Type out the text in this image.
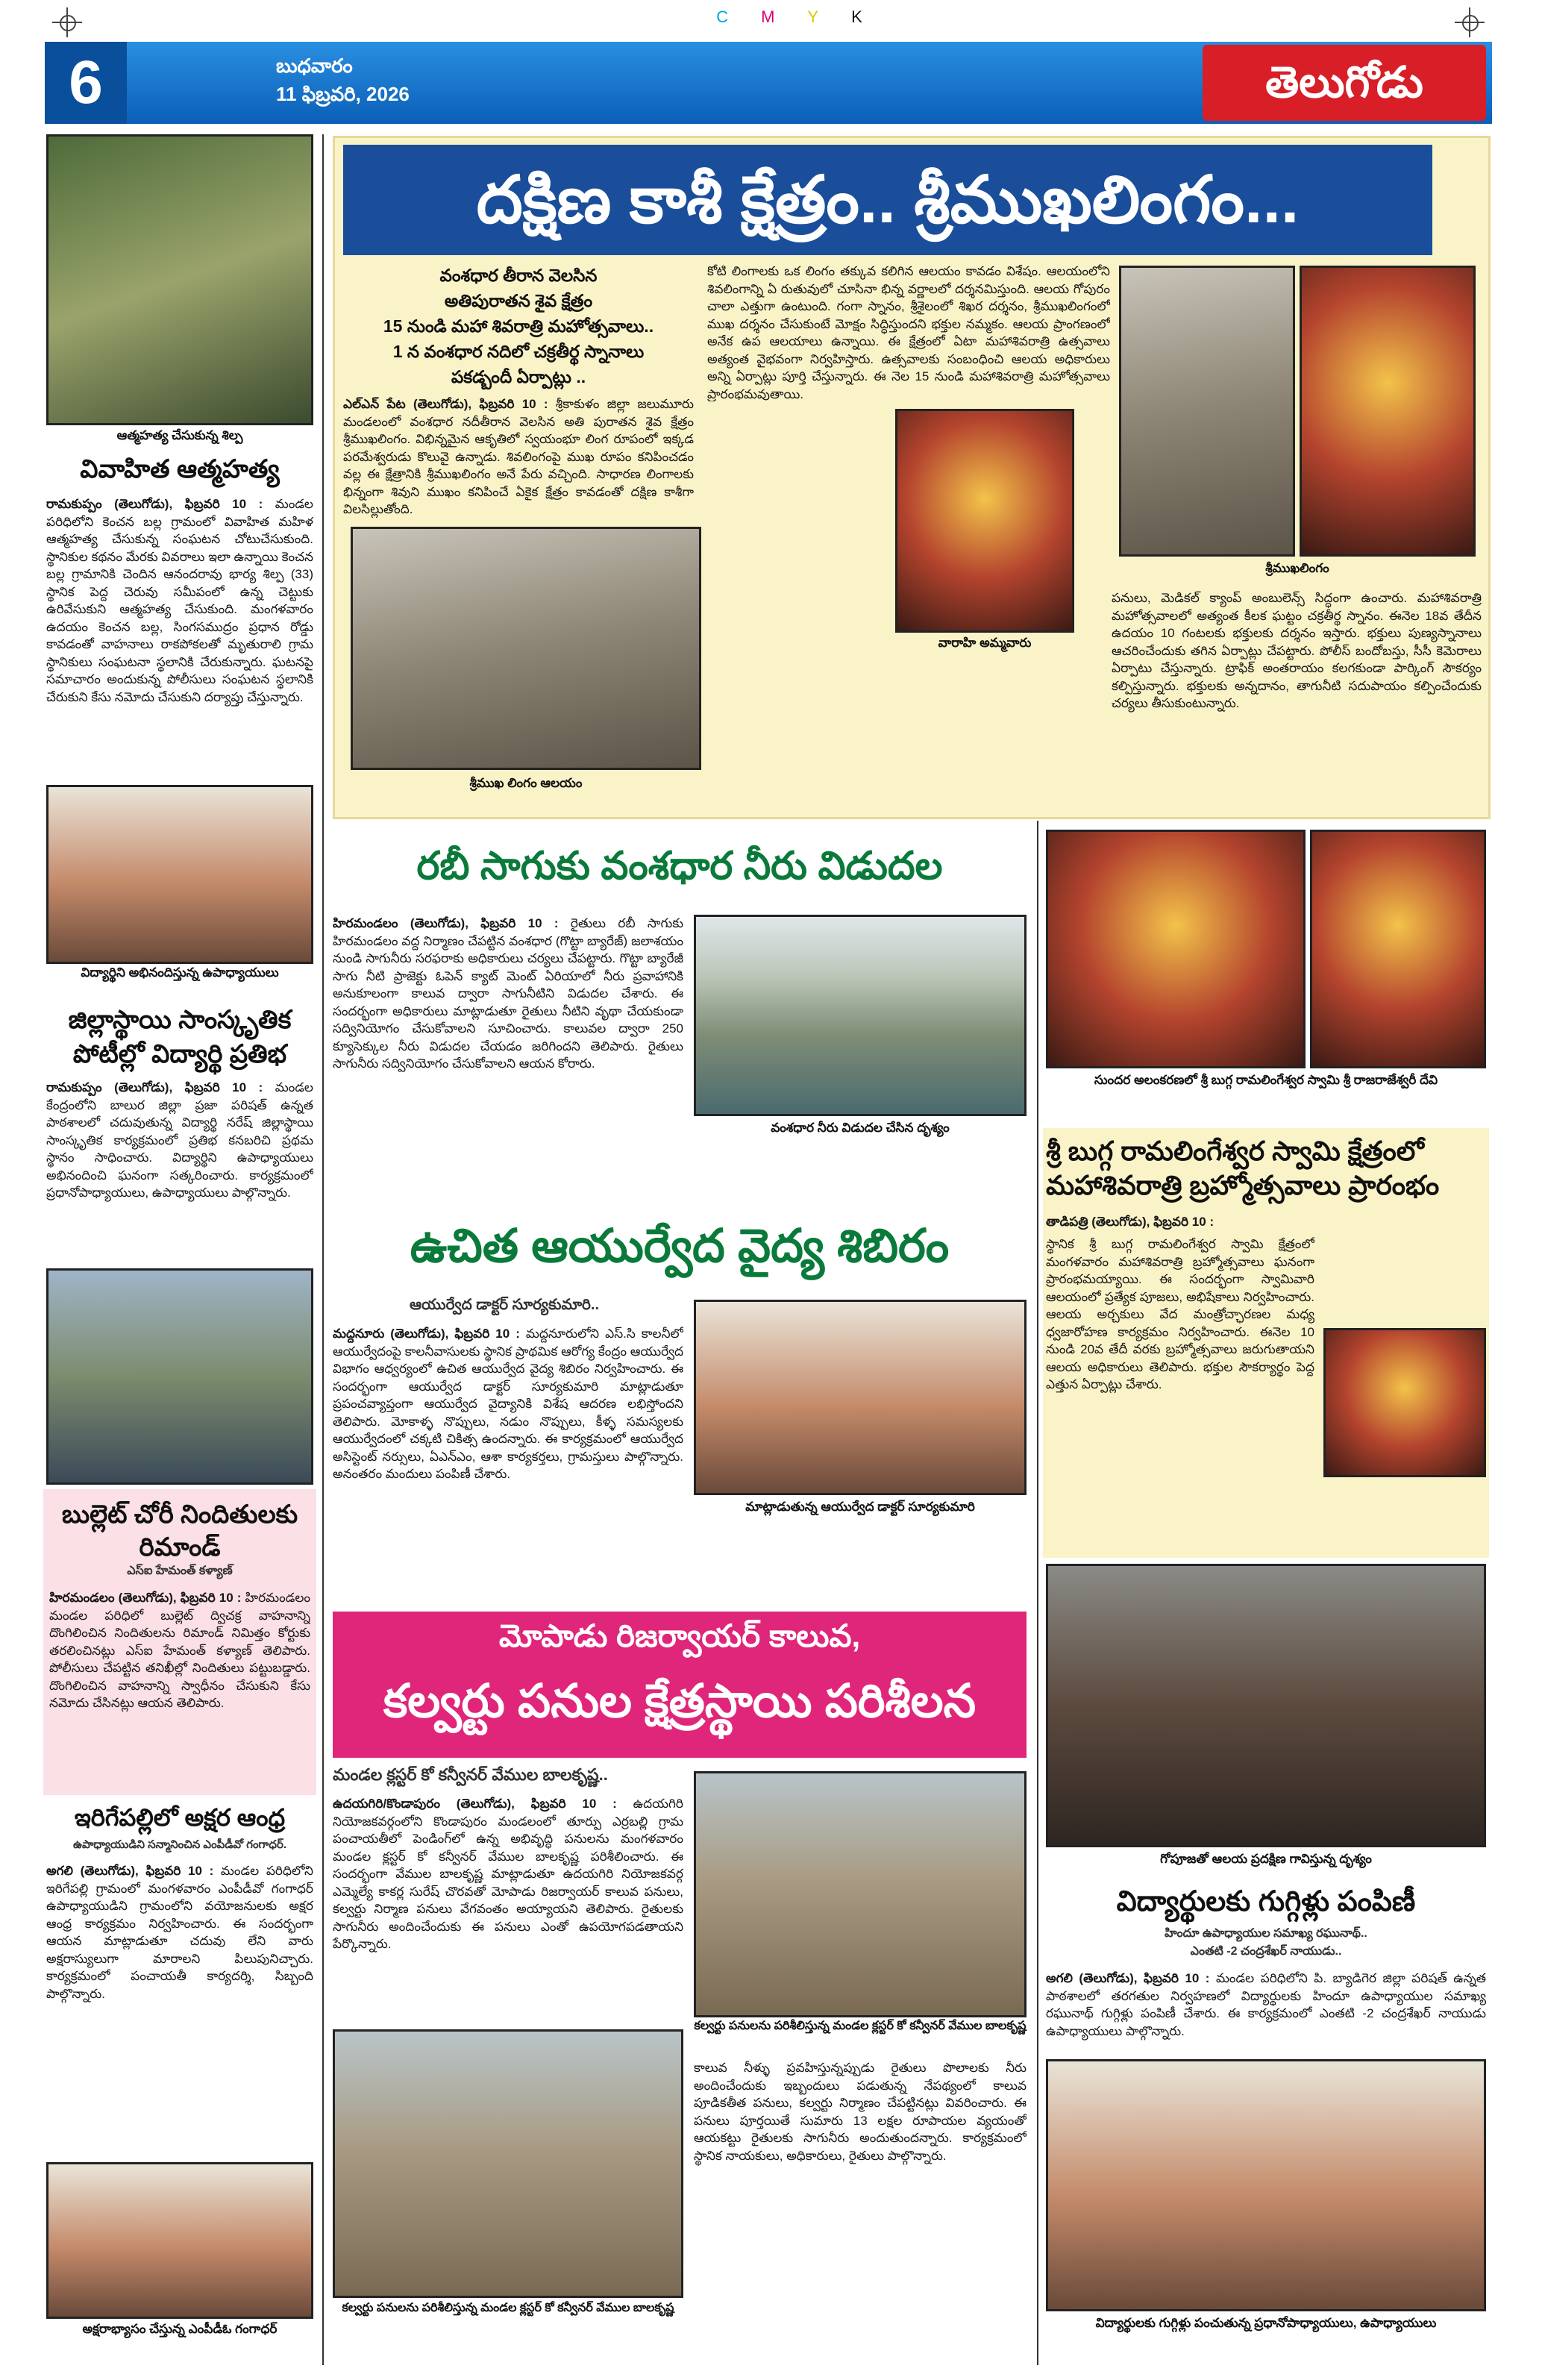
CMYK
6	బుధవారం
11 ఫిబ్రవరి, 2026	తెలుగోడు
ఆత్మహత్య చేసుకున్న శిల్ప
వివాహిత ఆత్మహత్య
రామకుప్పం (తెలుగోడు), ఫిబ్రవరి 10 : మండల పరిధిలోని కెంచన బల్ల గ్రామంలో వివాహిత మహిళ ఆత్మహత్య చేసుకున్న సంఘటన చోటుచేసుకుంది. స్థానికుల కథనం మేరకు వివరాలు ఇలా ఉన్నాయి కెంచన బల్ల గ్రామానికి చెందిన ఆనందరావు భార్య శిల్ప (33) స్థానిక పెద్ద చెరువు సమీపంలో ఉన్న చెట్టుకు ఉరివేసుకుని ఆత్మహత్య చేసుకుంది. మంగళవారం ఉదయం కెంచన బల్ల, సింగసముద్రం ప్రధాన రోడ్డు కావడంతో వాహనాలు రాకపోకలతో మృతురాలి గ్రామ స్థానికులు సంఘటనా స్థలానికి చేరుకున్నారు. ఘటనపై సమాచారం అందుకున్న పోలీసులు సంఘటన స్థలానికి చేరుకుని కేసు నమోదు చేసుకుని దర్యాప్తు చేస్తున్నారు.
విద్యార్థిని అభినందిస్తున్న ఉపాధ్యాయులు
జిల్లాస్థాయి సాంస్కృతిక పోటీల్లో విద్యార్థి ప్రతిభ
రామకుప్పం (తెలుగోడు), ఫిబ్రవరి 10 : మండల కేంద్రంలోని బాలుర జిల్లా ప్రజా పరిషత్ ఉన్నత పాఠశాలలో చదువుతున్న విద్యార్థి నరేష్ జిల్లాస్థాయి సాంస్కృతిక కార్యక్రమంలో ప్రతిభ కనబరిచి ప్రథమ స్థానం సాధించారు. విద్యార్థిని ఉపాధ్యాయులు అభినందించి ఘనంగా సత్కరించారు. కార్యక్రమంలో ప్రధానోపాధ్యాయులు, ఉపాధ్యాయులు పాల్గొన్నారు.
బుల్లెట్ చోరీ నిందితులకు రిమాండ్
ఎస్ఐ హేమంత్ కళ్యాణ్
హిరమండలం (తెలుగోడు), ఫిబ్రవరి 10 : హిరమండలం మండల పరిధిలో బుల్లెట్ ద్విచక్ర వాహనాన్ని దొంగిలించిన నిందితులను రిమాండ్ నిమిత్తం కోర్టుకు తరలించినట్లు ఎస్ఐ హేమంత్ కళ్యాణ్ తెలిపారు. పోలీసులు చేపట్టిన తనిఖీల్లో నిందితులు పట్టుబడ్డారు. దొంగిలించిన వాహనాన్ని స్వాధీనం చేసుకుని కేసు నమోదు చేసినట్లు ఆయన తెలిపారు.
ఇరిగేపల్లిలో అక్షర ఆంధ్ర
ఉపాధ్యాయుడిని సన్మానించిన ఎంపీడీవో గంగాధర్.
అగలి (తెలుగోడు), ఫిబ్రవరి 10 : మండల పరిధిలోని ఇరిగేపల్లి గ్రామంలో మంగళవారం ఎంపీడీవో గంగాధర్ ఉపాధ్యాయుడిని గ్రామంలోని వయోజనులకు అక్షర ఆంధ్ర కార్యక్రమం నిర్వహించారు. ఈ సందర్భంగా ఆయన మాట్లాడుతూ చదువు లేని వారు అక్షరాస్యులుగా మారాలని పిలుపునిచ్చారు. కార్యక్రమంలో పంచాయతీ కార్యదర్శి, సిబ్బంది పాల్గొన్నారు.
అక్షరాభ్యాసం చేస్తున్న ఎంపీడీఓ గంగాధర్
దక్షిణ కాశీ క్షేత్రం.. శ్రీముఖలింగం...
వంశధార తీరాన వెలసిన
అతిపురాతన శైవ క్షేత్రం
15 నుండి మహా శివరాత్రి మహోత్సవాలు..
1 న వంశధార నదిలో చక్రతీర్థ స్నానాలు
పకడ్బందీ ఏర్పాట్లు ..
ఎల్ఎన్ పేట (తెలుగోడు), ఫిబ్రవరి 10 : శ్రీకాకుళం జిల్లా జలుమూరు మండలంలో వంశధార నదీతీరాన వెలసిన అతి పురాతన శైవ క్షేత్రం శ్రీముఖలింగం. విభిన్నమైన ఆకృతిలో స్వయంభూ లింగ రూపంలో ఇక్కడ పరమేశ్వరుడు కొలువై ఉన్నాడు. శివలింగంపై ముఖ రూపం కనిపించడం వల్ల ఈ క్షేత్రానికి శ్రీముఖలింగం అనే పేరు వచ్చింది. సాధారణ లింగాలకు భిన్నంగా శివుని ముఖం కనిపించే ఏకైక క్షేత్రం కావడంతో దక్షిణ కాశీగా విలసిల్లుతోంది.
శ్రీముఖ లింగం ఆలయం
కోటి లింగాలకు ఒక లింగం తక్కువ కలిగిన ఆలయం కావడం విశేషం. ఆలయంలోని శివలింగాన్ని ఏ రుతువులో చూసినా భిన్న వర్ణాలలో దర్శనమిస్తుంది. ఆలయ గోపురం చాలా ఎత్తుగా ఉంటుంది. గంగా స్నానం, శ్రీశైలంలో శిఖర దర్శనం, శ్రీముఖలింగంలో ముఖ దర్శనం చేసుకుంటే మోక్షం సిద్ధిస్తుందని భక్తుల నమ్మకం. ఆలయ ప్రాంగణంలో అనేక ఉప ఆలయాలు ఉన్నాయి. ఈ క్షేత్రంలో ఏటా మహాశివరాత్రి ఉత్సవాలు అత్యంత వైభవంగా నిర్వహిస్తారు. ఉత్సవాలకు సంబంధించి ఆలయ అధికారులు అన్ని ఏర్పాట్లు పూర్తి చేస్తున్నారు. ఈ నెల 15 నుండి మహాశివరాత్రి మహోత్సవాలు ప్రారంభమవుతాయి.
వారాహి అమ్మవారు
శ్రీముఖలింగం
పనులు, మెడికల్ క్యాంప్ అంబులెన్స్ సిద్ధంగా ఉంచారు. మహాశివరాత్రి మహోత్సవాలలో అత్యంత కీలక ఘట్టం చక్రతీర్థ స్నానం. ఈనెల 18వ తేదీన ఉదయం 10 గంటలకు భక్తులకు దర్శనం ఇస్తారు. భక్తులు పుణ్యస్నానాలు ఆచరించేందుకు తగిన ఏర్పాట్లు చేపట్టారు. పోలీస్ బందోబస్తు, సీసీ కెమెరాలు ఏర్పాటు చేస్తున్నారు. ట్రాఫిక్ అంతరాయం కలగకుండా పార్కింగ్ సౌకర్యం కల్పిస్తున్నారు. భక్తులకు అన్నదానం, తాగునీటి సదుపాయం కల్పించేందుకు చర్యలు తీసుకుంటున్నారు.
రబీ సాగుకు వంశధార నీరు విడుదల
హిరమండలం (తెలుగోడు), ఫిబ్రవరి 10 : రైతులు రబీ సాగుకు హిరమండలం వద్ద నిర్మాణం చేపట్టిన వంశధార (గొట్టా బ్యారేజ్) జలాశయం నుండి సాగునీరు సరఫరాకు అధికారులు చర్యలు చేపట్టారు. గొట్టా బ్యారేజీ సాగు నీటి ప్రాజెక్టు ఓపెన్ క్యాట్ మెంట్ ఏరియాలో నీరు ప్రవాహానికి అనుకూలంగా కాలువ ద్వారా సాగునీటిని విడుదల చేశారు. ఈ సందర్భంగా అధికారులు మాట్లాడుతూ రైతులు నీటిని వృథా చేయకుండా సద్వినియోగం చేసుకోవాలని సూచించారు. కాలువల ద్వారా 250 క్యూసెక్కుల నీరు విడుదల చేయడం జరిగిందని తెలిపారు. రైతులు సాగునీరు సద్వినియోగం చేసుకోవాలని ఆయన కోరారు.
వంశధార నీరు విడుదల చేసిన దృశ్యం
ఉచిత ఆయుర్వేద వైద్య శిబిరం
ఆయుర్వేద డాక్టర్ సూర్యకుమారి..
మద్దనూరు (తెలుగోడు), ఫిబ్రవరి 10 : మద్దనూరులోని ఎస్.సి కాలనీలో ఆయుర్వేదంపై కాలనీవాసులకు స్థానిక ప్రాథమిక ఆరోగ్య కేంద్రం ఆయుర్వేద విభాగం ఆధ్వర్యంలో ఉచిత ఆయుర్వేద వైద్య శిబిరం నిర్వహించారు. ఈ సందర్భంగా ఆయుర్వేద డాక్టర్ సూర్యకుమారి మాట్లాడుతూ ప్రపంచవ్యాప్తంగా ఆయుర్వేద వైద్యానికి విశేష ఆదరణ లభిస్తోందని తెలిపారు. మోకాళ్ళ నొప్పులు, నడుం నొప్పులు, కీళ్ళ సమస్యలకు ఆయుర్వేదంలో చక్కటి చికిత్స ఉందన్నారు. ఈ కార్యక్రమంలో ఆయుర్వేద అసిస్టెంట్ నర్సులు, ఏఎన్ఎం, ఆశా కార్యకర్తలు, గ్రామస్తులు పాల్గొన్నారు. అనంతరం మందులు పంపిణీ చేశారు.
మాట్లాడుతున్న ఆయుర్వేద డాక్టర్ సూర్యకుమారి
మోపాడు రిజర్వాయర్ కాలువ,
కల్వర్టు పనుల క్షేత్రస్థాయి పరిశీలన
మండల క్లస్టర్ కో కన్వీనర్ వేముల బాలకృష్ణ..
ఉదయగిరి/కొండాపురం (తెలుగోడు), ఫిబ్రవరి 10 : ఉదయగిరి నియోజకవర్గంలోని కొండాపురం మండలంలో తూర్పు ఎర్రబల్లి గ్రామ పంచాయతీలో పెండింగ్‌లో ఉన్న అభివృద్ధి పనులను మంగళవారం మండల క్లస్టర్ కో కన్వీనర్ వేముల బాలకృష్ణ పరిశీలించారు. ఈ సందర్భంగా వేముల బాలకృష్ణ మాట్లాడుతూ ఉదయగిరి నియోజకవర్గ ఎమ్మెల్యే కాకర్ల సురేష్ చొరవతో మోపాడు రిజర్వాయర్ కాలువ పనులు, కల్వర్టు నిర్మాణ పనులు వేగవంతం అయ్యాయని తెలిపారు. రైతులకు సాగునీరు అందించేందుకు ఈ పనులు ఎంతో ఉపయోగపడతాయని పేర్కొన్నారు.
కల్వర్టు పనులను పరిశీలిస్తున్న మండల క్లస్టర్ కో కన్వీనర్ వేముల బాలకృష్ణ
కల్వర్టు పనులను పరిశీలిస్తున్న మండల క్లస్టర్ కో కన్వీనర్ వేముల బాలకృష్ణ
కాలువ నీళ్ళు ప్రవహిస్తున్నప్పుడు రైతులు పొలాలకు నీరు అందించేందుకు ఇబ్బందులు పడుతున్న నేపథ్యంలో కాలువ పూడికతీత పనులు, కల్వర్టు నిర్మాణం చేపట్టినట్లు వివరించారు. ఈ పనులు పూర్తయితే సుమారు 13 లక్షల రూపాయల వ్యయంతో ఆయకట్టు రైతులకు సాగునీరు అందుతుందన్నారు. కార్యక్రమంలో స్థానిక నాయకులు, అధికారులు, రైతులు పాల్గొన్నారు.
సుందర అలంకరణలో శ్రీ బుగ్గ రామలింగేశ్వర స్వామి శ్రీ రాజరాజేశ్వరీ దేవి
శ్రీ బుగ్గ రామలింగేశ్వర స్వామి క్షేత్రంలో మహాశివరాత్రి బ్రహ్మోత్సవాలు ప్రారంభం
తాడిపత్రి (తెలుగోడు), ఫిబ్రవరి 10 :
స్థానిక శ్రీ బుగ్గ రామలింగేశ్వర స్వామి క్షేత్రంలో మంగళవారం మహాశివరాత్రి బ్రహ్మోత్సవాలు ఘనంగా ప్రారంభమయ్యాయి. ఈ సందర్భంగా స్వామివారి ఆలయంలో ప్రత్యేక పూజలు, అభిషేకాలు నిర్వహించారు. ఆలయ అర్చకులు వేద మంత్రోచ్ఛారణల మధ్య ధ్వజారోహణ కార్యక్రమం నిర్వహించారు. ఈనెల 10 నుండి 20వ తేదీ వరకు బ్రహ్మోత్సవాలు జరుగుతాయని ఆలయ అధికారులు తెలిపారు. భక్తుల సౌకర్యార్థం పెద్ద ఎత్తున ఏర్పాట్లు చేశారు.
గోపూజతో ఆలయ ప్రదక్షిణ గావిస్తున్న దృశ్యం
విద్యార్థులకు గుగ్గిళ్లు పంపిణీ
హిందూ ఉపాధ్యాయుల సమాఖ్య రఘునాథ్..
ఎంతటి -2 చంద్రశేఖర్ నాయుడు..
అగలి (తెలుగోడు), ఫిబ్రవరి 10 : మండల పరిధిలోని పి. బ్యాడిగెర జిల్లా పరిషత్ ఉన్నత పాఠశాలలో తరగతుల నిర్వహణలో విద్యార్థులకు హిందూ ఉపాధ్యాయుల సమాఖ్య రఘునాథ్ గుగ్గిళ్లు పంపిణీ చేశారు. ఈ కార్యక్రమంలో ఎంతటి -2 చంద్రశేఖర్ నాయుడు ఉపాధ్యాయులు పాల్గొన్నారు.
విద్యార్థులకు గుగ్గిళ్లు పంచుతున్న ప్రధానోపాధ్యాయులు, ఉపాధ్యాయులు
